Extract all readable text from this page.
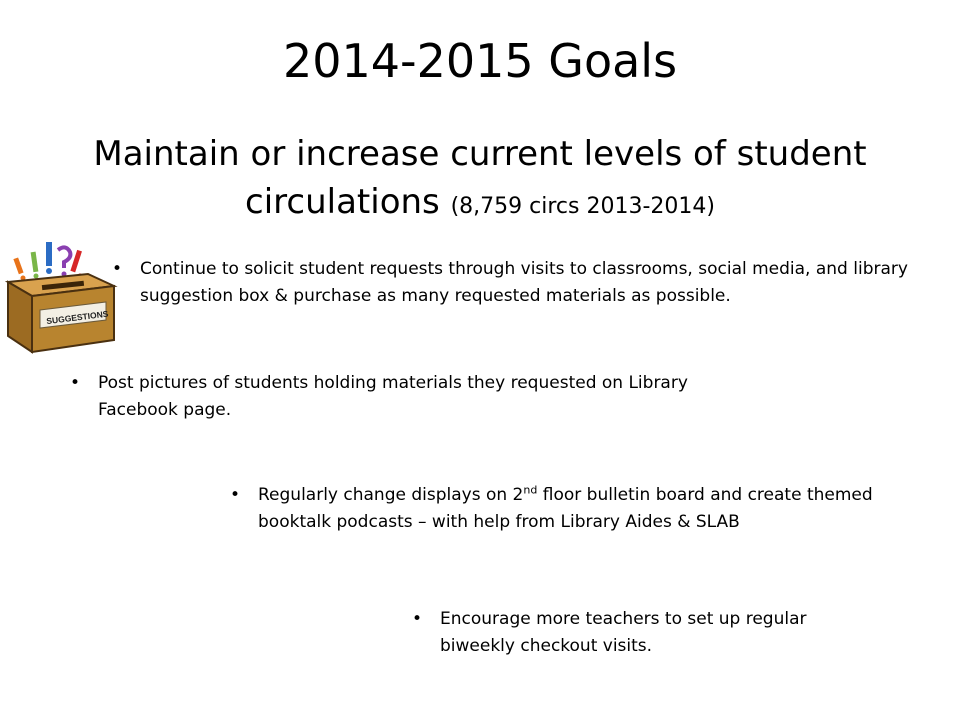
2014-2015 Goals

Maintain or increase current levels of student circulations (8,759 circs 2013-2014)

SUGGESTIONS
• Continue to solicit student requests through visits to classrooms, social media, and library suggestion box & purchase as many requested materials as possible.
• Post pictures of students holding materials they requested on Library Facebook page.
• Regularly change displays on 2nd floor bulletin board and create themed booktalk podcasts – with help from Library Aides & SLAB
• Encourage more teachers to set up regular biweekly checkout visits.
